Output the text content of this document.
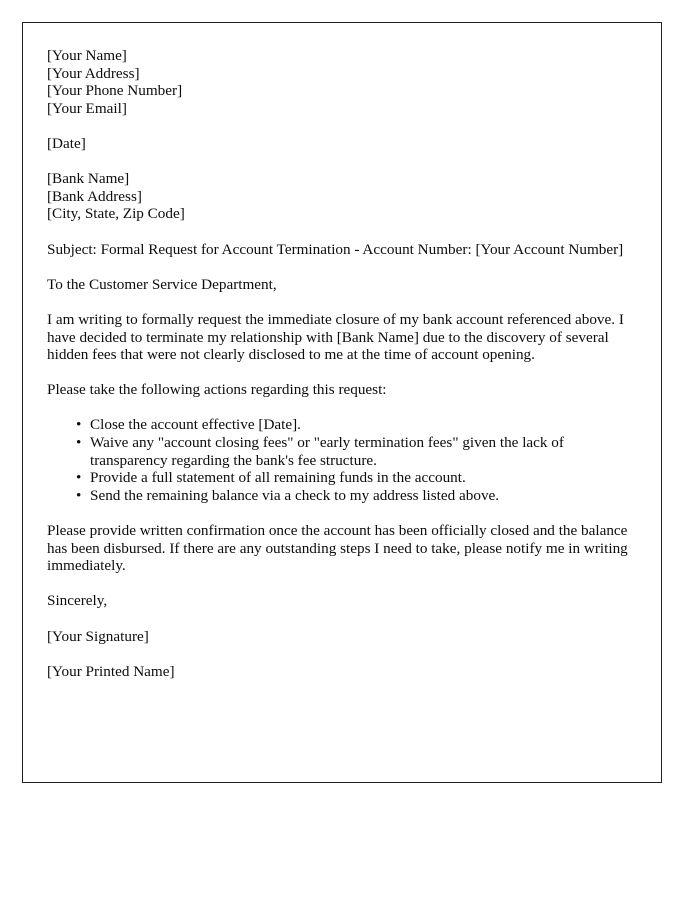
[Your Name]
[Your Address]
[Your Phone Number]
[Your Email]
[Date]
[Bank Name]
[Bank Address]
[City, State, Zip Code]

Subject: Formal Request for Account Termination - Account Number: [Your Account Number]

To the Customer Service Department,

I am writing to formally request the immediate closure of my bank account referenced above. I have decided to terminate my relationship with [Bank Name] due to the discovery of several hidden fees that were not clearly disclosed to me at the time of account opening.

Please take the following actions regarding this request:

• Close the account effective [Date].
• Waive any "account closing fees" or "early termination fees" given the lack of transparency regarding the bank's fee structure.
• Provide a full statement of all remaining funds in the account.
• Send the remaining balance via a check to my address listed above.

Please provide written confirmation once the account has been officially closed and the balance has been disbursed. If there are any outstanding steps I need to take, please notify me in writing immediately.

Sincerely,

[Your Signature]

[Your Printed Name]
